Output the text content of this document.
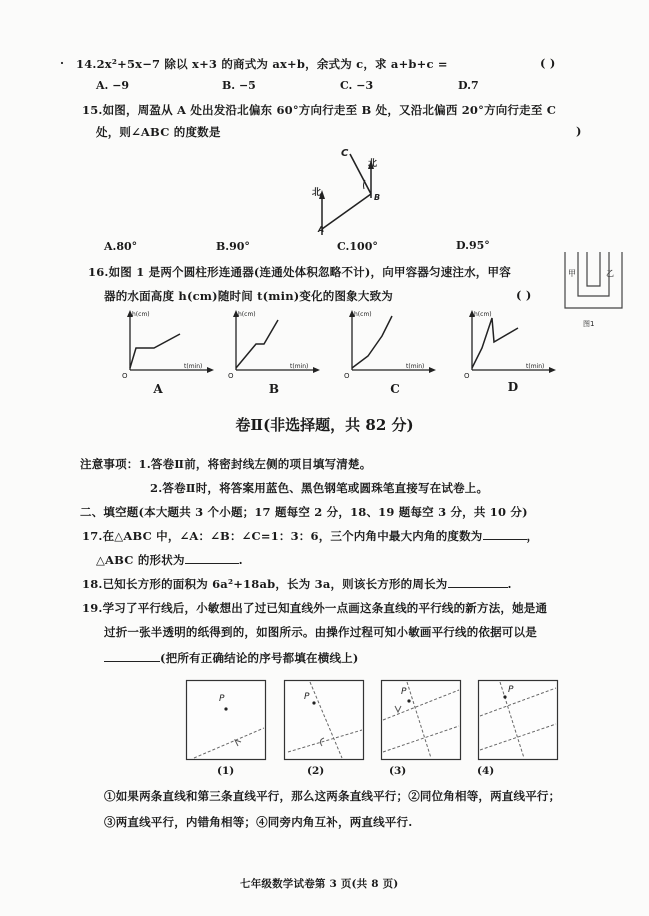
· 14.2x²+5x−7 除以 x+3 的商式为 ax+b，余式为 c，求 a+b+c =	( )
A. −9	B. −5	C. −3	D.7
15.如图，周盈从 A 处出发沿北偏东 60°方向行走至 B 处，又沿北偏西 20°方向行走至 C
处，则∠ABC 的度数是	)
A
B
C
北
北
A.80°	B.90°	C.100°	D.95°
16.如图 1 是两个圆柱形连通器(连通处体积忽略不计)，向甲容器匀速注水，甲容
器的水面高度 h(cm)随时间 t(min)变化的图象大致为	( )
甲	乙
图1
h(cm)
t(min)
O
h(cm)
t(min)
O
h(cm)
t(min)
O
h(cm)
t(min)
O
A	B	C	D
卷Ⅱ(非选择题，共 82 分)
注意事项：1.答卷Ⅱ前，将密封线左侧的项目填写清楚。
2.答卷Ⅱ时，将答案用蓝色、黑色钢笔或圆珠笔直接写在试卷上。
二、填空题(本大题共 3 个小题；17 题每空 2 分，18、19 题每空 3 分，共 10 分)
17.在△ABC 中，∠A：∠B：∠C=1：3：6，三个内角中最大内角的度数为	，
△ABC 的形状为	.
18.已知长方形的面积为 6a²+18ab，长为 3a，则该长方形的周长为	.
19.学习了平行线后，小敏想出了过已知直线外一点画这条直线的平行线的新方法，她是通
过折一张半透明的纸得到的，如图所示。由操作过程可知小敏画平行线的依据可以是
(把所有正确结论的序号都填在横线上)
P	P	P	P
(1)	(2)	(3)	(4)
①如果两条直线和第三条直线平行，那么这两条直线平行；②同位角相等，两直线平行；
③两直线平行，内错角相等；④同旁内角互补，两直线平行.
七年级数学试卷第 3 页(共 8 页)
